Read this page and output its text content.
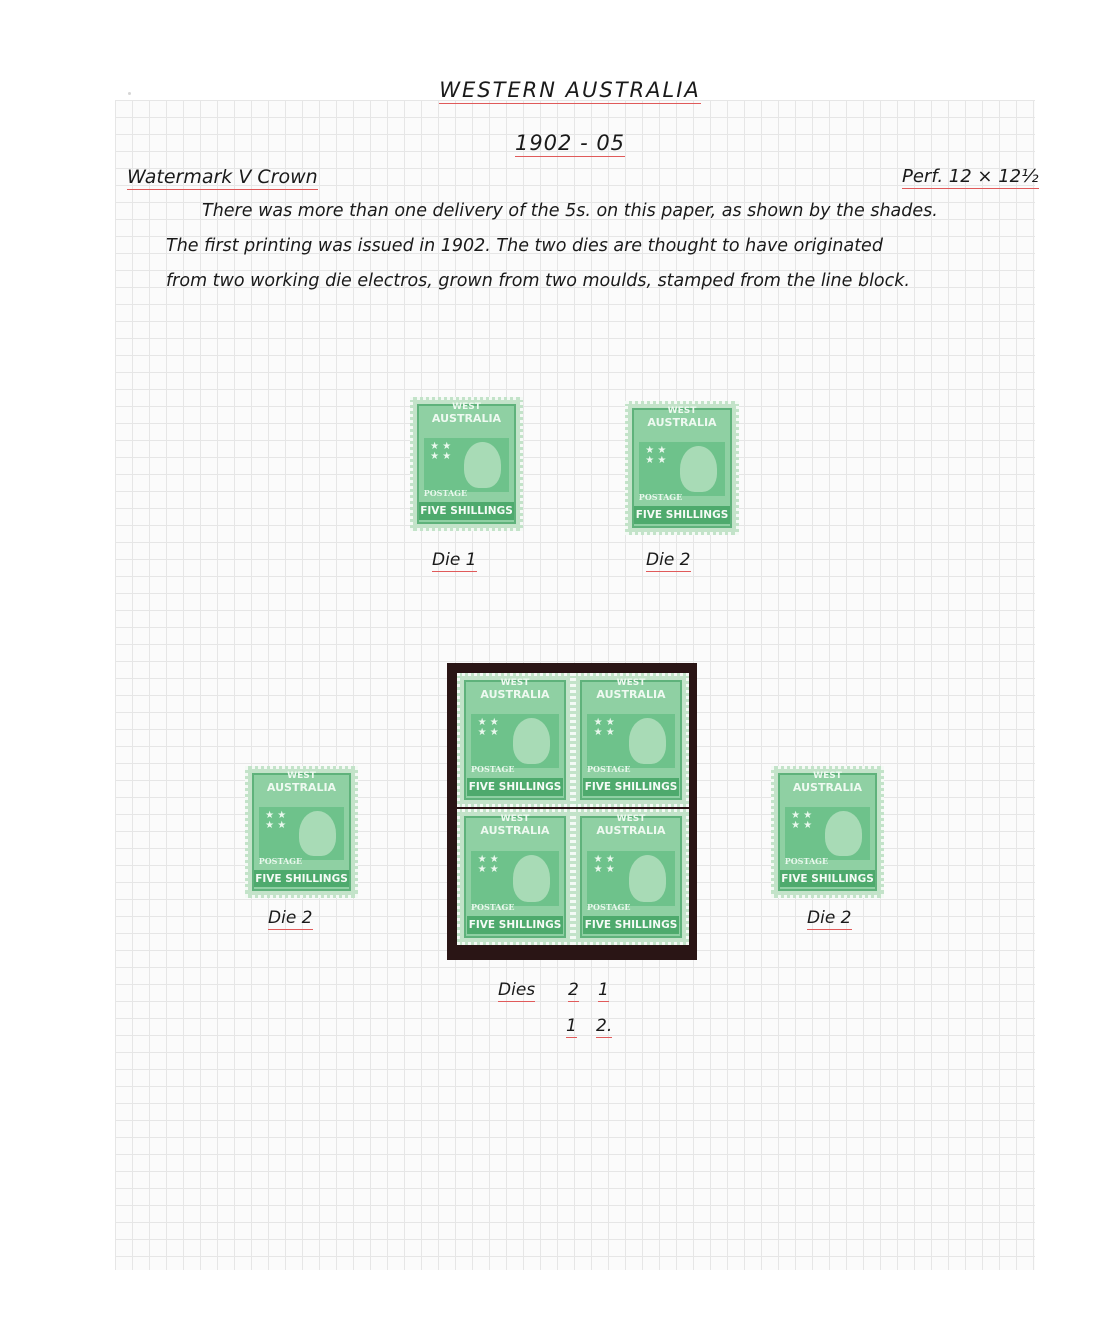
WESTERN AUSTRALIA
1902 - 05
Watermark V Crown	Perf. 12 × 12½
There was more than one delivery of the 5s. on this paper, as shown by the shades.
The first printing was issued in 1902. The two dies are thought to have originated
from two working die electros, grown from two moulds, stamped from the line block.
WEST
AUSTRALIA
★ ★
★ ★
POSTAGE
FIVE SHILLINGS
Die 1
WEST
AUSTRALIA
★ ★
★ ★
POSTAGE
FIVE SHILLINGS
Die 2
WEST
AUSTRALIA
★ ★
★ ★
POSTAGE
FIVE SHILLINGS
Die 2
WEST
AUSTRALIA
★ ★
★ ★
POSTAGE
FIVE SHILLINGS
WEST
AUSTRALIA
★ ★
★ ★
POSTAGE
FIVE SHILLINGS
WEST
AUSTRALIA
★ ★
★ ★
POSTAGE
FIVE SHILLINGS
WEST
AUSTRALIA
★ ★
★ ★
POSTAGE
FIVE SHILLINGS
WEST
AUSTRALIA
★ ★
★ ★
POSTAGE
FIVE SHILLINGS
Die 2
Dies 2 1
1 2.
